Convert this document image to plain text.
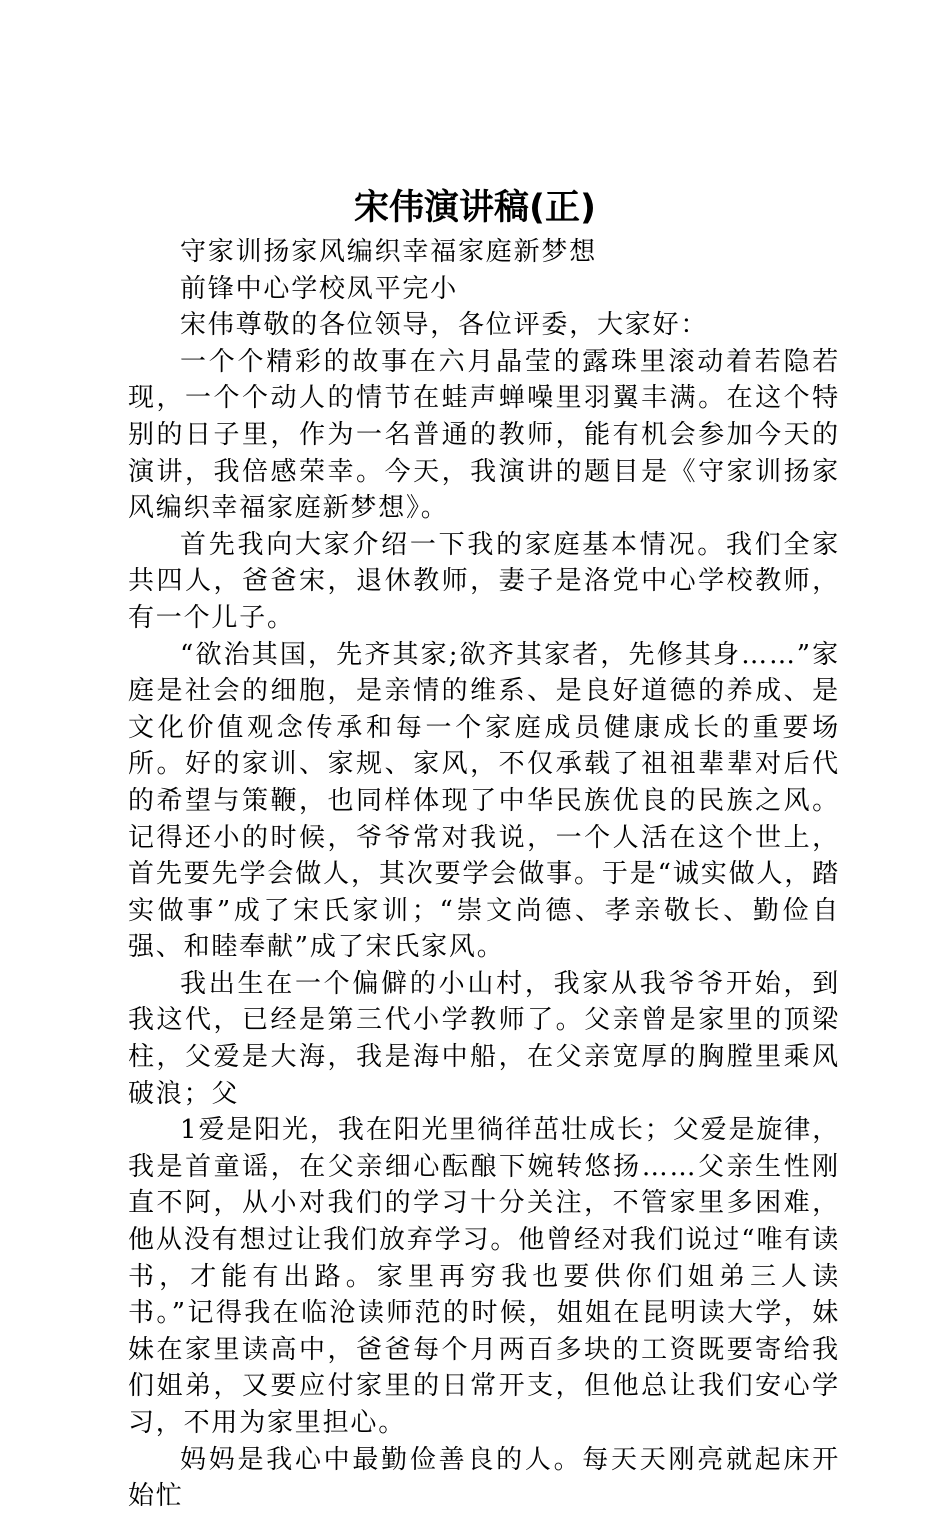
宋伟演讲稿(正)

守家训扬家风编织幸福家庭新梦想

前锋中心学校凤平完小

宋伟尊敬的各位领导，各位评委，大家好：

一个个精彩的故事在六月晶莹的露珠里滚动着若隐若现，一个个动人的情节在蛙声蝉噪里羽翼丰满。在这个特别的日子里，作为一名普通的教师，能有机会参加今天的演讲，我倍感荣幸。今天，我演讲的题目是《守家训扬家风编织幸福家庭新梦想》。

首先我向大家介绍一下我的家庭基本情况。我们全家共四人，爸爸宋，退休教师，妻子是洛党中心学校教师，有一个儿子。

“欲治其国，先齐其家;欲齐其家者，先修其身……”家庭是社会的细胞，是亲情的维系、是良好道德的养成、是文化价值观念传承和每一个家庭成员健康成长的重要场所。好的家训、家规、家风，不仅承载了祖祖辈辈对后代的希望与策鞭，也同样体现了中华民族优良的民族之风。记得还小的时候，爷爷常对我说，一个人活在这个世上，首先要先学会做人，其次要学会做事。于是“诚实做人，踏实做事”成了宋氏家训；“崇文尚德、孝亲敬长、勤俭自强、和睦奉献”成了宋氏家风。

我出生在一个偏僻的小山村，我家从我爷爷开始，到我这代，已经是第三代小学教师了。父亲曾是家里的顶梁柱，父爱是大海，我是海中船，在父亲宽厚的胸膛里乘风破浪；父

1爱是阳光，我在阳光里徜徉茁壮成长；父爱是旋律，我是首童谣，在父亲细心酝酿下婉转悠扬……父亲生性刚直不阿，从小对我们的学习十分关注，不管家里多困难，他从没有想过让我们放弃学习。他曾经对我们说过“唯有读书，才能有出路。家里再穷我也要供你们姐弟三人读书。”记得我在临沧读师范的时候，姐姐在昆明读大学，妹妹在家里读高中，爸爸每个月两百多块的工资既要寄给我们姐弟，又要应付家里的日常开支，但他总让我们安心学习，不用为家里担心。

妈妈是我心中最勤俭善良的人。每天天刚亮就起床开始忙
